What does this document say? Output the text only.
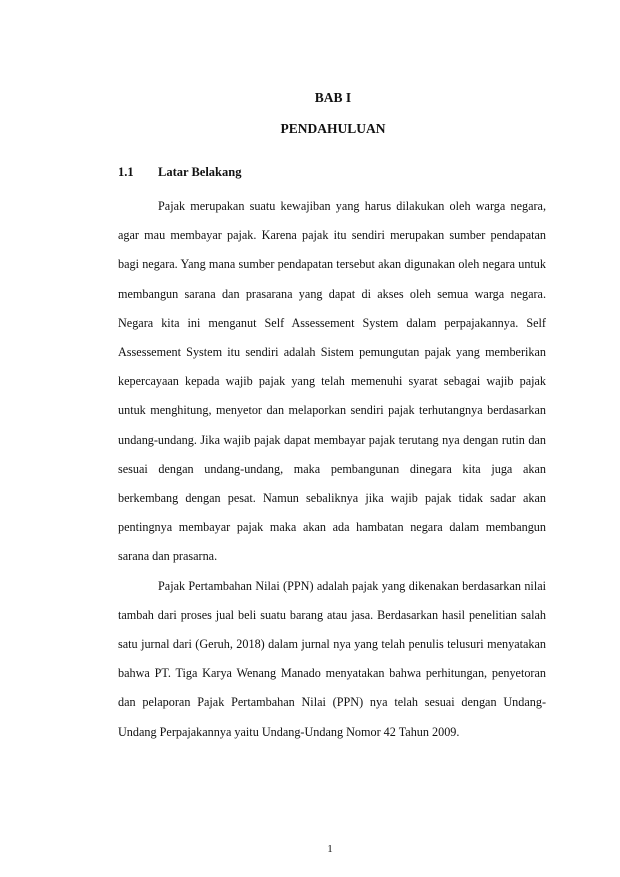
BAB I
PENDAHULUAN
1.1	Latar Belakang

Pajak merupakan suatu kewajiban yang harus dilakukan oleh warga negara, agar mau membayar pajak. Karena pajak itu sendiri merupakan sumber pendapatan bagi negara. Yang mana sumber pendapatan tersebut akan digunakan oleh negara untuk membangun sarana dan prasarana yang dapat di akses oleh semua warga negara. Negara kita ini menganut Self Assessement System dalam perpajakannya. Self Assessement System itu sendiri adalah Sistem pemungutan pajak yang memberikan kepercayaan kepada wajib pajak yang telah memenuhi syarat sebagai wajib pajak untuk menghitung, menyetor dan melaporkan sendiri pajak terhutangnya berdasarkan undang-undang. Jika wajib pajak dapat membayar pajak terutang nya dengan rutin dan sesuai dengan undang-undang, maka pembangunan dinegara kita juga akan berkembang dengan pesat. Namun sebaliknya jika wajib pajak tidak sadar akan pentingnya membayar pajak maka akan ada hambatan negara dalam membangun sarana dan prasarna.

Pajak Pertambahan Nilai (PPN) adalah pajak yang dikenakan berdasarkan nilai tambah dari proses jual beli suatu barang atau jasa. Berdasarkan hasil penelitian salah satu jurnal dari (Geruh, 2018) dalam jurnal nya yang telah penulis telusuri menyatakan bahwa PT. Tiga Karya Wenang Manado menyatakan bahwa perhitungan, penyetoran dan pelaporan Pajak Pertambahan Nilai (PPN) nya telah sesuai dengan Undang-Undang Perpajakannya yaitu Undang-Undang Nomor 42 Tahun 2009.

1
